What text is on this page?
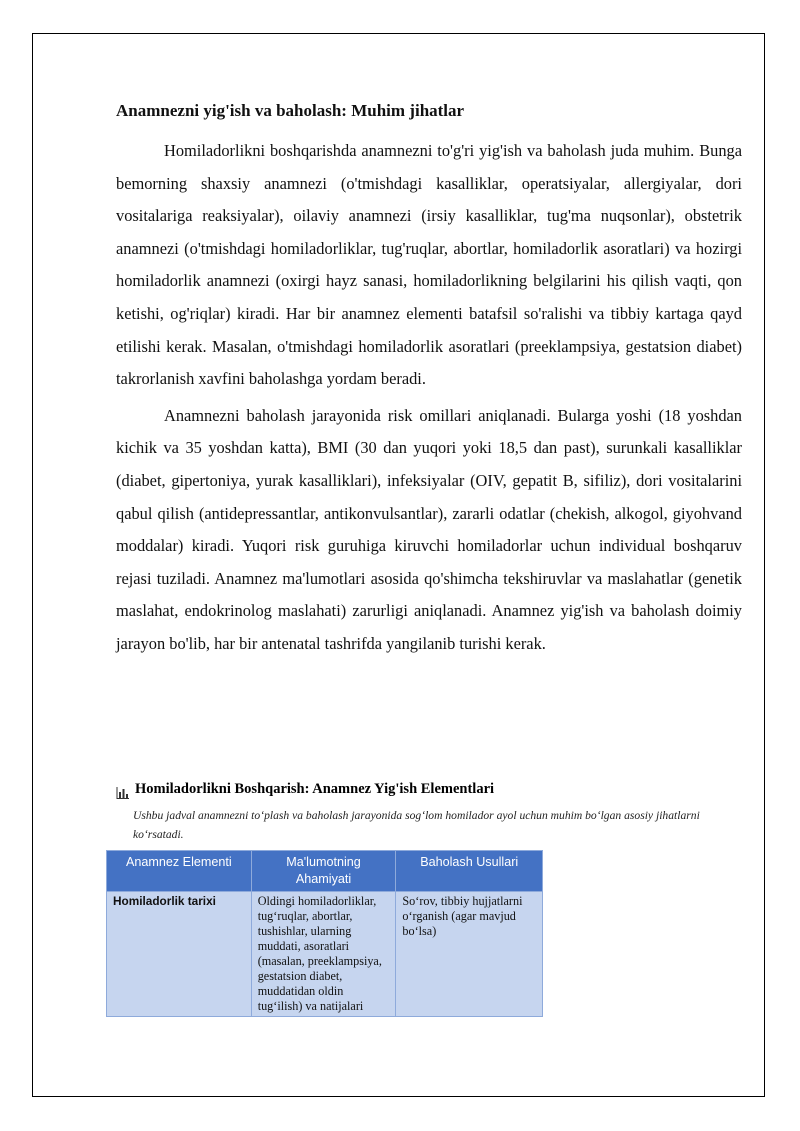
Anamnezni yig'ish va baholash: Muhim jihatlar

Homiladorlikni boshqarishda anamnezni to'g'ri yig'ish va baholash juda muhim. Bunga bemorning shaxsiy anamnezi (o'tmishdagi kasalliklar, operatsiyalar, allergiyalar, dori vositalariga reaksiyalar), oilaviy anamnezi (irsiy kasalliklar, tug'ma nuqsonlar), obstetrik anamnezi (o'tmishdagi homiladorliklar, tug'ruqlar, abortlar, homiladorlik asoratlari) va hozirgi homiladorlik anamnezi (oxirgi hayz sanasi, homiladorlikning belgilarini his qilish vaqti, qon ketishi, og'riqlar) kiradi. Har bir anamnez elementi batafsil so'ralishi va tibbiy kartaga qayd etilishi kerak. Masalan, o'tmishdagi homiladorlik asoratlari (preeklampsiya, gestatsion diabet) takrorlanish xavfini baholashga yordam beradi.

Anamnezni baholash jarayonida risk omillari aniqlanadi. Bularga yoshi (18 yoshdan kichik va 35 yoshdan katta), BMI (30 dan yuqori yoki 18,5 dan past), surunkali kasalliklar (diabet, gipertoniya, yurak kasalliklari), infeksiyalar (OIV, gepatit B, sifiliz), dori vositalarini qabul qilish (antidepressantlar, antikonvulsantlar), zararli odatlar (chekish, alkogol, giyohvand moddalar) kiradi. Yuqori risk guruhiga kiruvchi homiladorlar uchun individual boshqaruv rejasi tuziladi. Anamnez ma'lumotlari asosida qo'shimcha tekshiruvlar va maslahatlar (genetik maslahat, endokrinolog maslahati) zarurligi aniqlanadi. Anamnez yig'ish va baholash doimiy jarayon bo'lib, har bir antenatal tashrifda yangilanib turishi kerak.

Homiladorlikni Boshqarish: Anamnez Yig'ish Elementlari
Ushbu jadval anamnezni to‘plash va baholash jarayonida sog‘lom homilador ayol uchun muhim bo‘lgan asosiy jihatlarni ko‘rsatadi.
Anamnez Elementi	Ma'lumotning Ahamiyati	Baholash Usullari
Homiladorlik tarixi	Oldingi homiladorliklar, tug‘ruqlar, abortlar, tushishlar, ularning muddati, asoratlari (masalan, preeklampsiya, gestatsion diabet, muddatidan oldin tug‘ilish) va natijalari	So‘rov, tibbiy hujjatlarni o‘rganish (agar mavjud bo‘lsa)
